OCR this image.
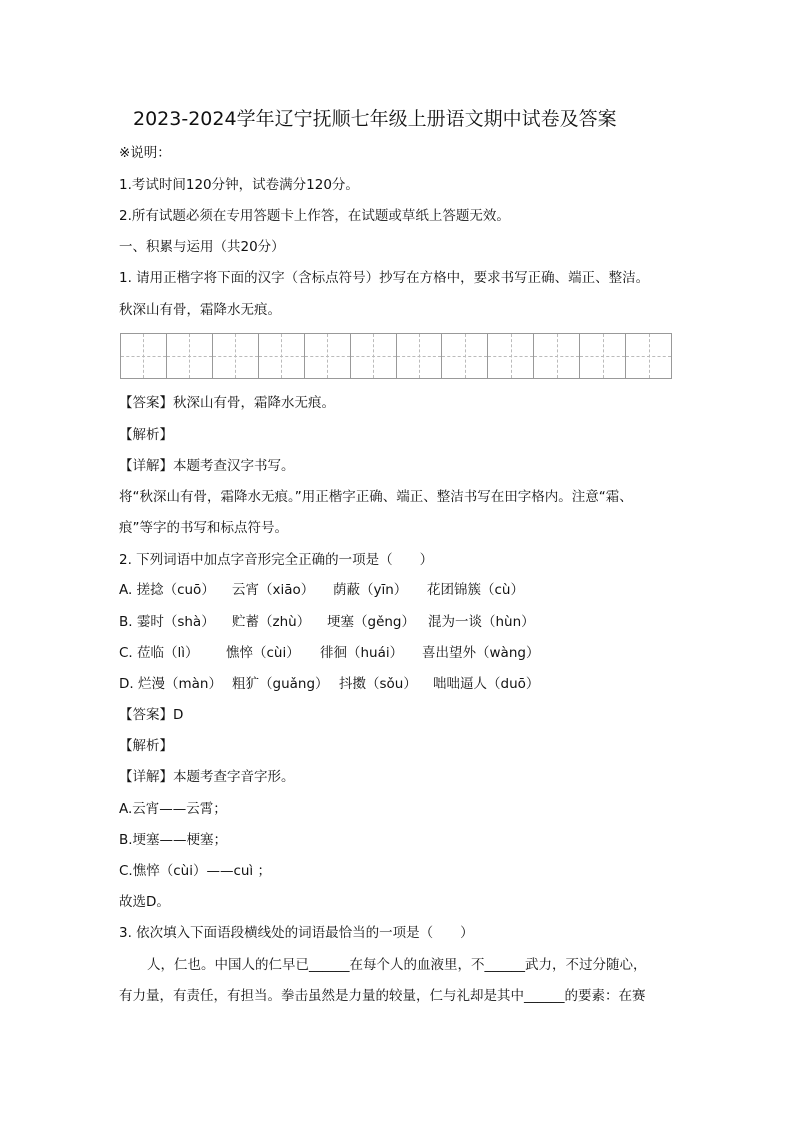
2023-2024学年辽宁抚顺七年级上册语文期中试卷及答案
※说明：
1.考试时间120分钟，试卷满分120分。
2.所有试题必须在专用答题卡上作答，在试题或草纸上答题无效。
一、积累与运用（共20分）
1. 请用正楷字将下面的汉字（含标点符号）抄写在方格中，要求书写正确、端正、整洁。
秋深山有骨，霜降水无痕。
【答案】秋深山有骨，霜降水无痕。
【解析】
【详解】本题考查汉字书写。
将“秋深山有骨，霜降水无痕。”用正楷字正确、端正、整洁书写在田字格内。注意“霜、
痕”等字的书写和标点符号。
2. 下列词语中加点字音形完全正确的一项是（　　）
A. 搓捻（cuō） 云宵（xiāo） 荫蔽（yīn） 花团锦簇（cù）
B. 霎时（shà） 贮蓄（zhù） 埂塞（gěng） 混为一谈（hùn）
C. 莅临（lì） 憔悴（cùi） 徘徊（huái） 喜出望外（wàng）
D. 烂漫（màn） 粗犷（guǎng） 抖擞（sǒu） 咄咄逼人（duō）
【答案】D
【解析】
【详解】本题考查字音字形。
A.云宵——云霄；
B.埂塞——梗塞；
C.憔悴（cùi）——cuì ；
故选D。
3. 依次填入下面语段横线处的词语最恰当的一项是（　　）
人，仁也。中国人的仁早已______在每个人的血液里，不______武力，不过分随心，
有力量，有责任，有担当。拳击虽然是力量的较量，仁与礼却是其中______的要素：在赛
